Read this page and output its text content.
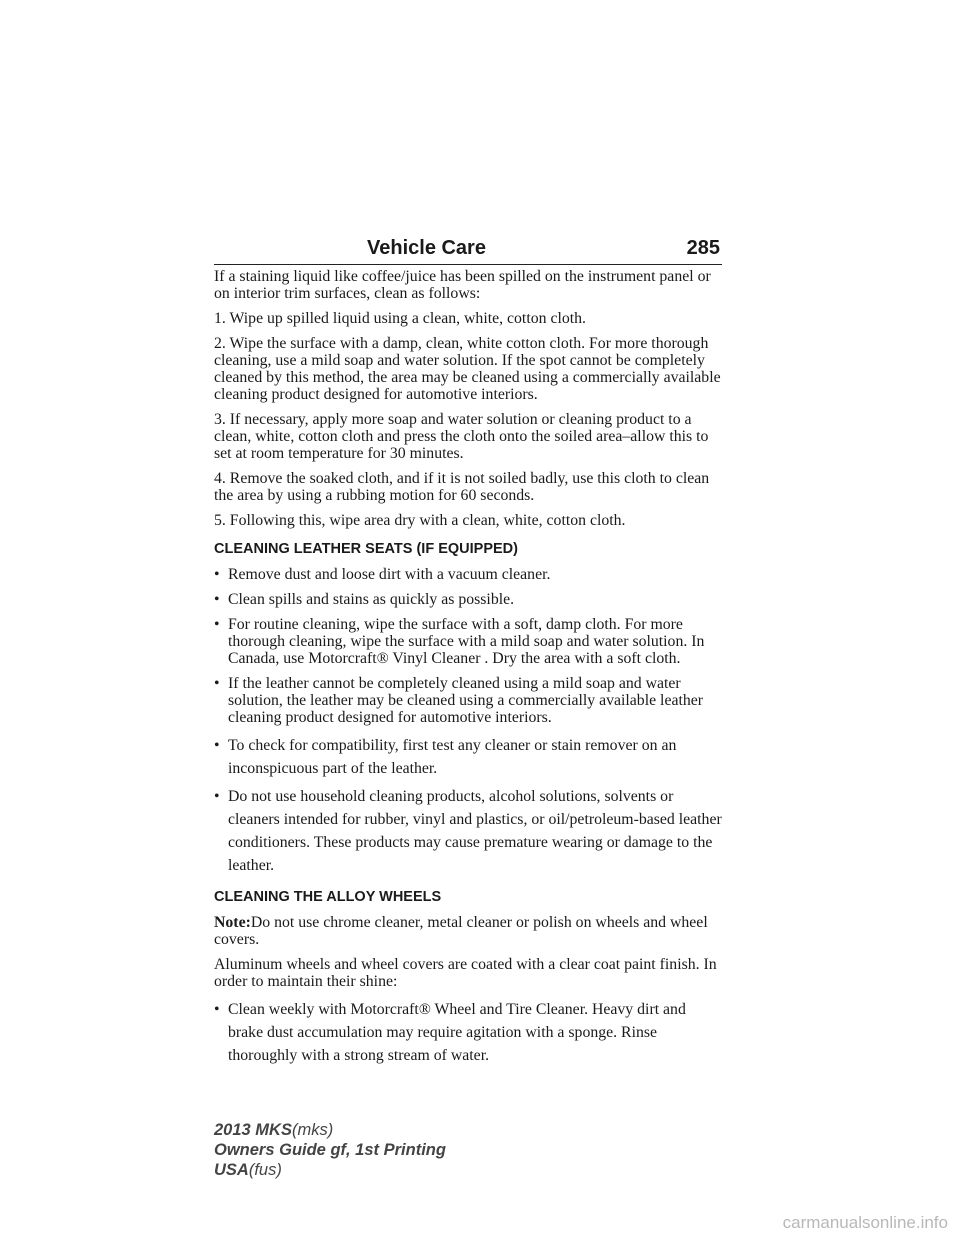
Vehicle Care	285

If a staining liquid like coffee/juice has been spilled on the instrument panel or on interior trim surfaces, clean as follows:

1. Wipe up spilled liquid using a clean, white, cotton cloth.

2. Wipe the surface with a damp, clean, white cotton cloth. For more thorough cleaning, use a mild soap and water solution. If the spot cannot be completely cleaned by this method, the area may be cleaned using a commercially available cleaning product designed for automotive interiors.

3. If necessary, apply more soap and water solution or cleaning product to a clean, white, cotton cloth and press the cloth onto the soiled area–allow this to set at room temperature for 30 minutes.

4. Remove the soaked cloth, and if it is not soiled badly, use this cloth to clean the area by using a rubbing motion for 60 seconds.

5. Following this, wipe area dry with a clean, white, cotton cloth.

CLEANING LEATHER SEATS (IF EQUIPPED)
• Remove dust and loose dirt with a vacuum cleaner.
• Clean spills and stains as quickly as possible.
• For routine cleaning, wipe the surface with a soft, damp cloth. For more thorough cleaning, wipe the surface with a mild soap and water solution. In Canada, use Motorcraft® Vinyl Cleaner . Dry the area with a soft cloth.
• If the leather cannot be completely cleaned using a mild soap and water solution, the leather may be cleaned using a commercially available leather cleaning product designed for automotive interiors.
• To check for compatibility, first test any cleaner or stain remover on an inconspicuous part of the leather.
• Do not use household cleaning products, alcohol solutions, solvents or cleaners intended for rubber, vinyl and plastics, or oil/petroleum-based leather conditioners. These products may cause premature wearing or damage to the leather.
CLEANING THE ALLOY WHEELS

Note:Do not use chrome cleaner, metal cleaner or polish on wheels and wheel covers.

Aluminum wheels and wheel covers are coated with a clear coat paint finish. In order to maintain their shine:

• Clean weekly with Motorcraft® Wheel and Tire Cleaner. Heavy dirt and brake dust accumulation may require agitation with a sponge. Rinse thoroughly with a strong stream of water.
2013 MKS(mks)
Owners Guide gf, 1st Printing
USA(fus)
carmanualsonline.info
